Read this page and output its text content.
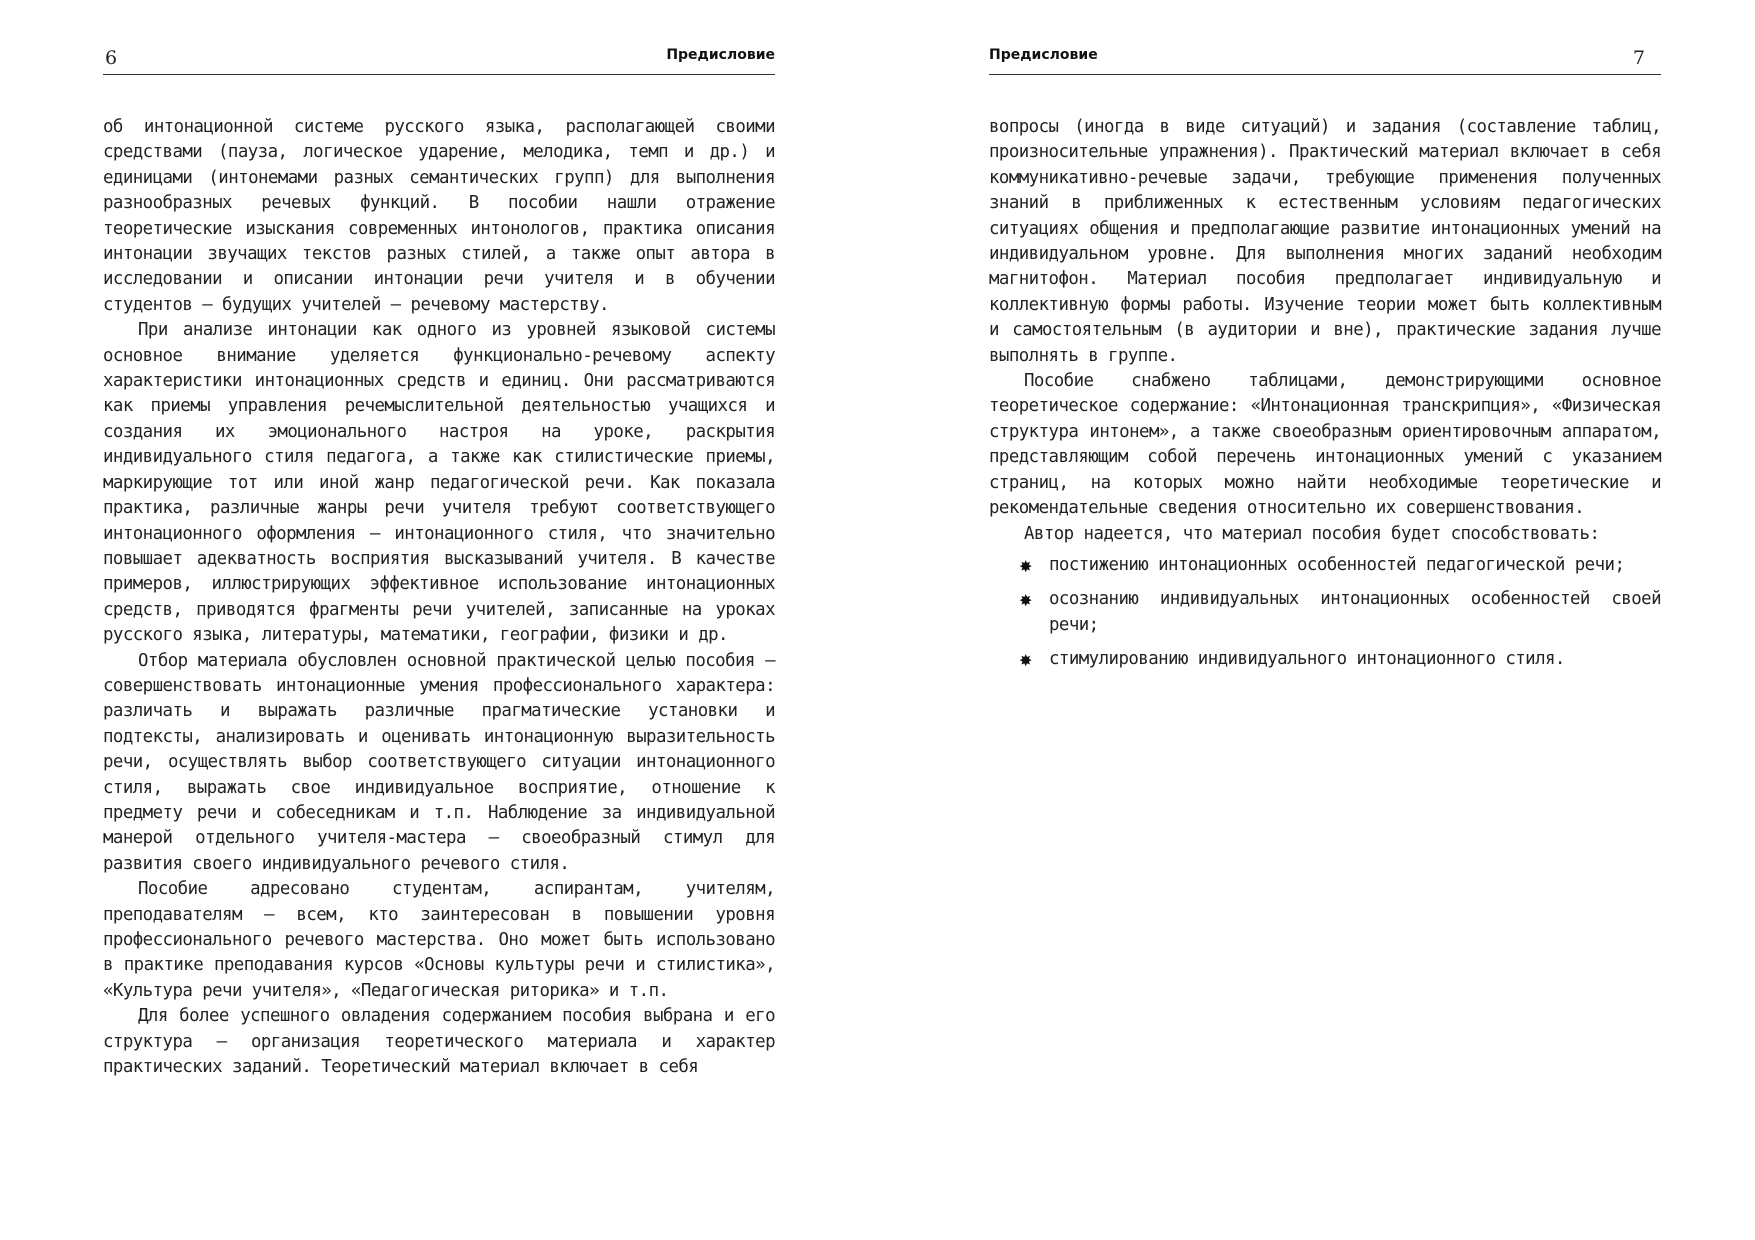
6	Предисловие

об интонационной системе русского языка, располагающей своими средствами (пауза, логическое ударение, мелодика, темп и др.) и единицами (интонемами разных семантических групп) для выполнения разнообразных речевых функций. В пособии нашли отражение теоретические изыскания современных интонологов, практика описания интонации звучащих текстов разных стилей, а также опыт автора в исследовании и описании интонации речи учителя и в обучении студентов — будущих учителей — речевому мастерству.

При анализе интонации как одного из уровней языковой системы основное внимание уделяется функционально-речевому аспекту характеристики интонационных средств и единиц. Они рассматриваются как приемы управления речемыслительной деятельностью учащихся и создания их эмоционального настроя на уроке, раскрытия индивидуального стиля педагога, а также как стилистические приемы, маркирующие тот или иной жанр педагогической речи. Как показала практика, различные жанры речи учителя требуют соответствующего интонационного оформления — интонационного стиля, что значительно повышает адекватность восприятия высказываний учителя. В качестве примеров, иллюстрирующих эффективное использование интонационных средств, приводятся фрагменты речи учителей, записанные на уроках русского языка, литературы, математики, географии, физики и др.

Отбор материала обусловлен основной практической целью пособия — совершенствовать интонационные умения профессионального характера: различать и выражать различные прагматические установки и подтексты, анализировать и оценивать интонационную выразительность речи, осуществлять выбор соответствующего ситуации интонационного стиля, выражать свое индивидуальное восприятие, отношение к предмету речи и собеседникам и т.п. Наблюдение за индивидуальной манерой отдельного учителя-мастера — своеобразный стимул для развития своего индивидуального речевого стиля.

Пособие адресовано студентам, аспирантам, учителям, преподавателям — всем, кто заинтересован в повышении уровня профессионального речевого мастерства. Оно может быть использовано в практике преподавания курсов «Основы культуры речи и стилистика», «Культура речи учителя», «Педагогическая риторика» и т.п.

Для более успешного овладения содержанием пособия выбрана и его структура — организация теоретического материала и характер практических заданий. Теоретический материал включает в себя

Предисловие	7

вопросы (иногда в виде ситуаций) и задания (составление таблиц, произносительные упражнения). Практический материал включает в себя коммуникативно-речевые задачи, требующие применения полученных знаний в приближенных к естественным условиям педагогических ситуациях общения и предполагающие развитие интонационных умений на индивидуальном уровне. Для выполнения многих заданий необходим магнитофон. Материал пособия предполагает индивидуальную и коллективную формы работы. Изучение теории может быть коллективным и самостоятельным (в аудитории и вне), практические задания лучше выполнять в группе.

Пособие снабжено таблицами, демонстрирующими основное теоретическое содержание: «Интонационная транскрипция», «Физическая структура интонем», а также своеобразным ориентировочным аппаратом, представляющим собой перечень интонационных умений с указанием страниц, на которых можно найти необходимые теоретические и рекомендательные сведения относительно их совершенствования.

Автор надеется, что материал пособия будет способствовать:

✸ постижению интонационных особенностей педагогической речи;
✸ осознанию индивидуальных интонационных особенностей своей речи;
✸ стимулированию индивидуального интонационного стиля.
